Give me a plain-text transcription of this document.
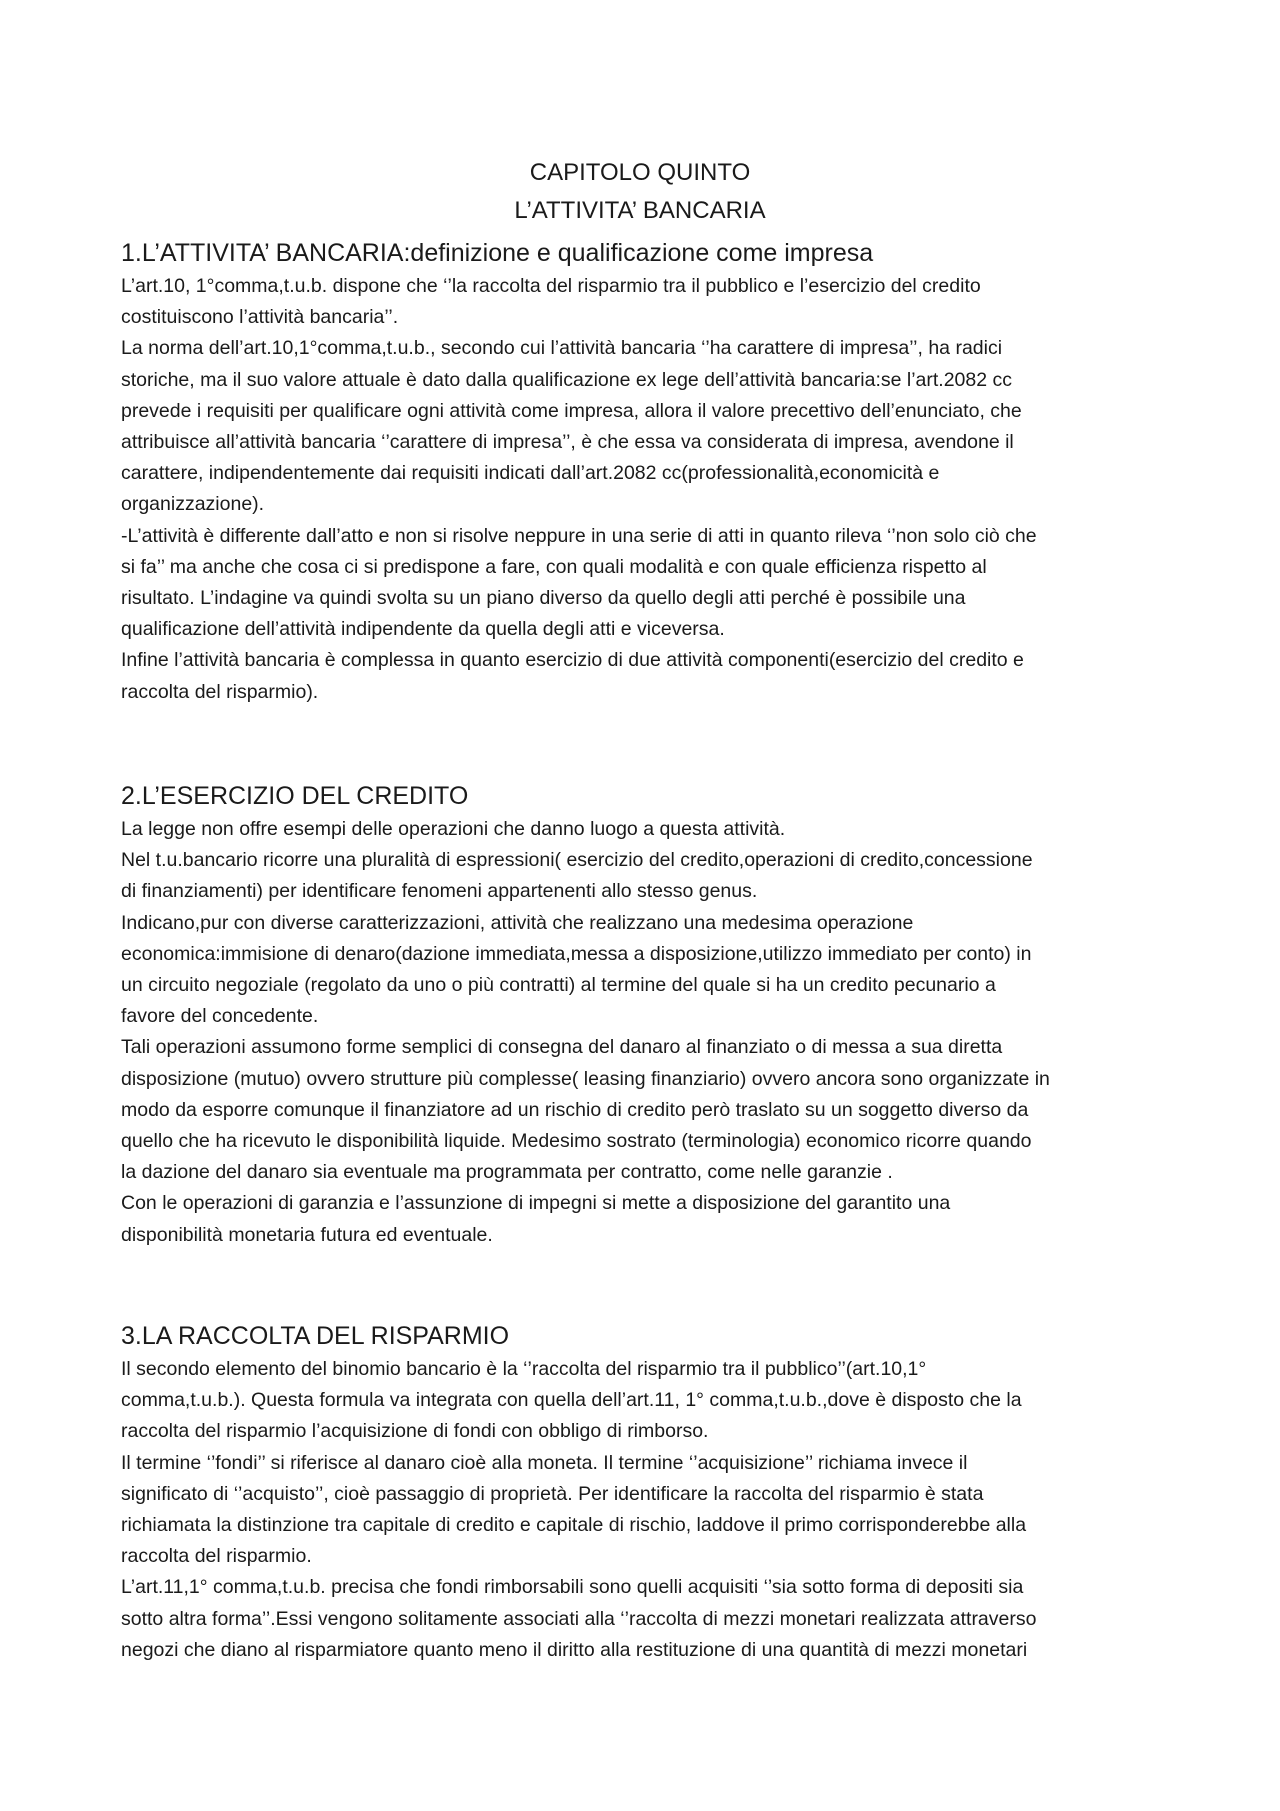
CAPITOLO QUINTO
L’ATTIVITA’ BANCARIA
1.L’ATTIVITA’ BANCARIA:definizione e qualificazione come impresa

L’art.10, 1°comma,t.u.b. dispone che ‘’la raccolta del risparmio tra il pubblico e l’esercizio del credito
costituiscono l’attività bancaria’’.

La norma dell’art.10,1°comma,t.u.b., secondo cui l’attività bancaria ‘’ha carattere di impresa’’, ha radici
storiche, ma il suo valore attuale è dato dalla qualificazione ex lege dell’attività bancaria:se l’art.2082 cc
prevede i requisiti per qualificare ogni attività come impresa, allora il valore precettivo dell’enunciato, che
attribuisce all’attività bancaria ‘’carattere di impresa’’, è che essa va considerata di impresa, avendone il
carattere, indipendentemente dai requisiti indicati dall’art.2082 cc(professionalità,economicità e
organizzazione).

-L’attività è differente dall’atto e non si risolve neppure in una serie di atti in quanto rileva ‘’non solo ciò che
si fa’’ ma anche che cosa ci si predispone a fare, con quali modalità e con quale efficienza rispetto al
risultato. L’indagine va quindi svolta su un piano diverso da quello degli atti perché è possibile una
qualificazione dell’attività indipendente da quella degli atti e viceversa.

Infine l’attività bancaria è complessa in quanto esercizio di due attività componenti(esercizio del credito e
raccolta del risparmio).

2.L’ESERCIZIO DEL CREDITO

La legge non offre esempi delle operazioni che danno luogo a questa attività.

Nel t.u.bancario ricorre una pluralità di espressioni( esercizio del credito,operazioni di credito,concessione
di finanziamenti) per identificare fenomeni appartenenti allo stesso genus.

Indicano,pur con diverse caratterizzazioni, attività che realizzano una medesima operazione
economica:immisione di denaro(dazione immediata,messa a disposizione,utilizzo immediato per conto) in
un circuito negoziale (regolato da uno o più contratti) al termine del quale si ha un credito pecunario a
favore del concedente.

Tali operazioni assumono forme semplici di consegna del danaro al finanziato o di messa a sua diretta
disposizione (mutuo) ovvero strutture più complesse( leasing finanziario) ovvero ancora sono organizzate in
modo da esporre comunque il finanziatore ad un rischio di credito però traslato su un soggetto diverso da
quello che ha ricevuto le disponibilità liquide. Medesimo sostrato (terminologia) economico ricorre quando
la dazione del danaro sia eventuale ma programmata per contratto, come nelle garanzie .

Con le operazioni di garanzia e l’assunzione di impegni si mette a disposizione del garantito una
disponibilità monetaria futura ed eventuale.

3.LA RACCOLTA DEL RISPARMIO

Il secondo elemento del binomio bancario è la ‘’raccolta del risparmio tra il pubblico’’(art.10,1°
comma,t.u.b.). Questa formula va integrata con quella dell’art.11, 1° comma,t.u.b.,dove è disposto che la
raccolta del risparmio l’acquisizione di fondi con obbligo di rimborso.

Il termine ‘’fondi’’ si riferisce al danaro cioè alla moneta. Il termine ‘’acquisizione’’ richiama invece il
significato di ‘’acquisto’’, cioè passaggio di proprietà. Per identificare la raccolta del risparmio è stata
richiamata la distinzione tra capitale di credito e capitale di rischio, laddove il primo corrisponderebbe alla
raccolta del risparmio.

L’art.11,1° comma,t.u.b. precisa che fondi rimborsabili sono quelli acquisiti ‘’sia sotto forma di depositi sia
sotto altra forma’’.Essi vengono solitamente associati alla ‘’raccolta di mezzi monetari realizzata attraverso
negozi che diano al risparmiatore quanto meno il diritto alla restituzione di una quantità di mezzi monetari
